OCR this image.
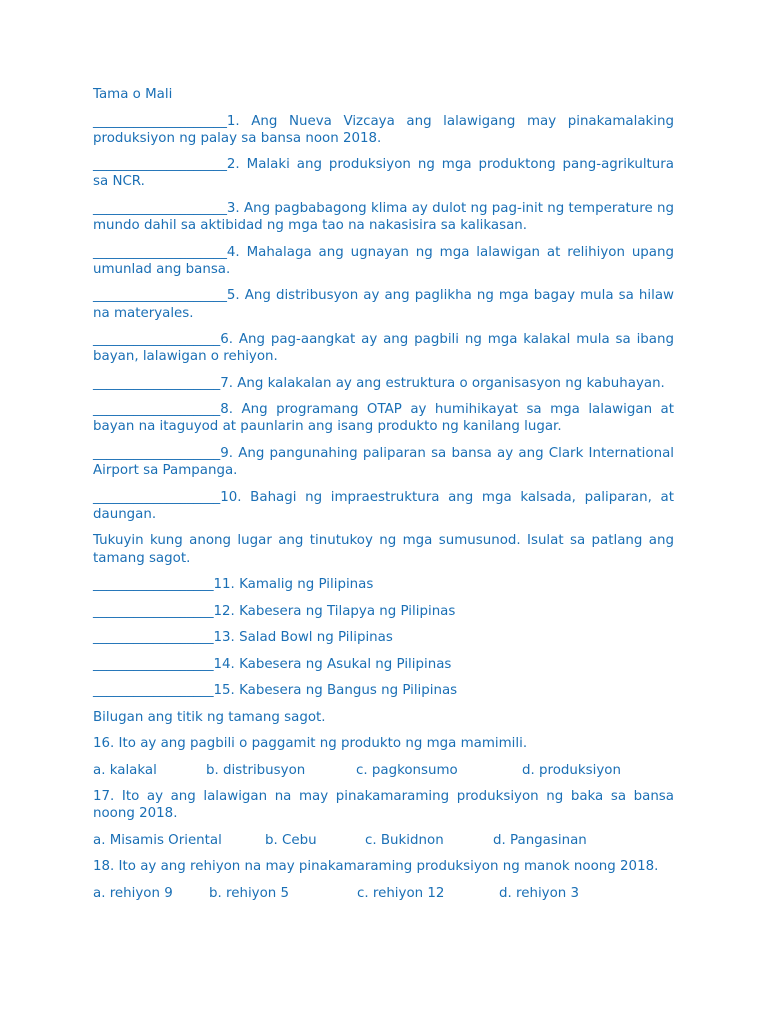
Tama o Mali

____________________1. Ang Nueva Vizcaya ang lalawigang may pinakamalaking produksiyon ng palay sa bansa noon 2018.

____________________2. Malaki ang produksiyon ng mga produktong pang-agrikultura sa NCR.

____________________3. Ang pagbabagong klima ay dulot ng pag-init ng temperature ng mundo dahil sa aktibidad ng mga tao na nakasisira sa kalikasan.

____________________4. Mahalaga ang ugnayan ng mga lalawigan at relihiyon upang umunlad ang bansa.

____________________5. Ang distribusyon ay ang paglikha ng mga bagay mula sa hilaw na materyales.

___________________6. Ang pag-aangkat ay ang pagbili ng mga kalakal mula sa ibang bayan, lalawigan o rehiyon.

___________________7. Ang kalakalan ay ang estruktura o organisasyon ng kabuhayan.

___________________8. Ang programang OTAP ay humihikayat sa mga lalawigan at bayan na itaguyod at paunlarin ang isang produkto ng kanilang lugar.

___________________9. Ang pangunahing paliparan sa bansa ay ang Clark International Airport sa Pampanga.

___________________10. Bahagi ng impraestruktura ang mga kalsada, paliparan, at daungan.

Tukuyin kung anong lugar ang tinutukoy ng mga sumusunod. Isulat sa patlang ang tamang sagot.

__________________11. Kamalig ng Pilipinas

__________________12. Kabesera ng Tilapya ng Pilipinas

__________________13. Salad Bowl ng Pilipinas

__________________14. Kabesera ng Asukal ng Pilipinas

__________________15. Kabesera ng Bangus ng Pilipinas

Bilugan ang titik ng tamang sagot.

16. Ito ay ang pagbili o paggamit ng produkto ng mga mamimili.

a. kalakal	b. distribusyon	c. pagkonsumo	d. produksiyon

17. Ito ay ang lalawigan na may pinakamaraming produksiyon ng baka sa bansa noong 2018.

a. Misamis Oriental	b. Cebu	c. Bukidnon	d. Pangasinan

18. Ito ay ang rehiyon na may pinakamaraming produksiyon ng manok noong 2018.

a. rehiyon 9	b. rehiyon 5	c. rehiyon 12	d. rehiyon 3
